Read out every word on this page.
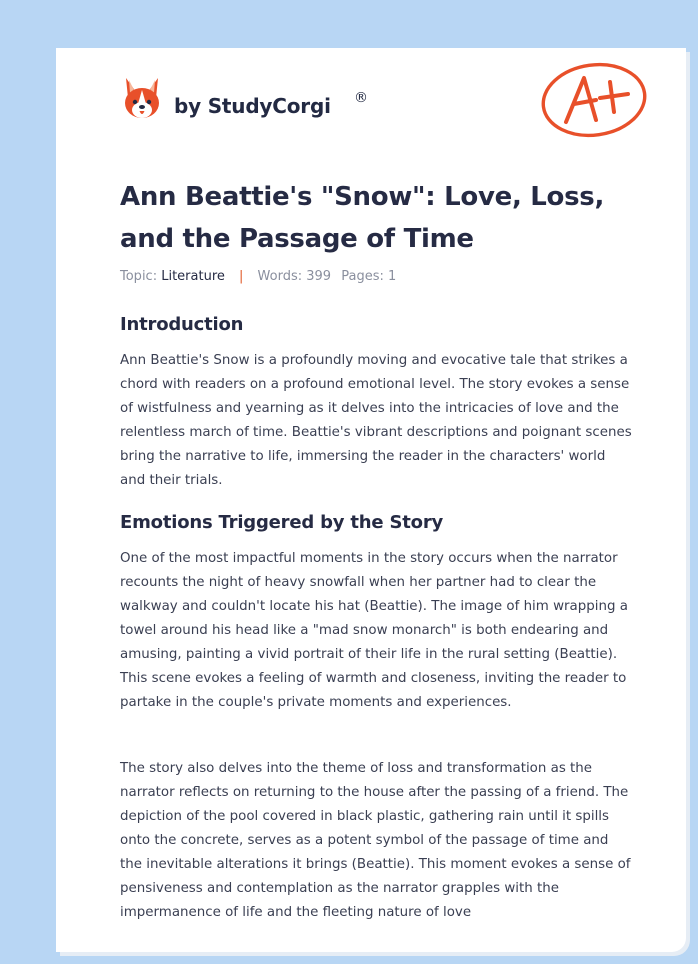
by StudyCorgi ®
Ann Beattie's "Snow": Love, Loss, and the Passage of Time
Topic: Literature | Words: 399 Pages: 1
Introduction

Ann Beattie's Snow is a profoundly moving and evocative tale that strikes a chord with readers on a profound emotional level. The story evokes a sense of wistfulness and yearning as it delves into the intricacies of love and the relentless march of time. Beattie's vibrant descriptions and poignant scenes bring the narrative to life, immersing the reader in the characters' world and their trials.

Emotions Triggered by the Story

One of the most impactful moments in the story occurs when the narrator recounts the night of heavy snowfall when her partner had to clear the walkway and couldn't locate his hat (Beattie). The image of him wrapping a towel around his head like a "mad snow monarch" is both endearing and amusing, painting a vivid portrait of their life in the rural setting (Beattie). This scene evokes a feeling of warmth and closeness, inviting the reader to partake in the couple's private moments and experiences.

The story also delves into the theme of loss and transformation as the narrator reflects on returning to the house after the passing of a friend. The depiction of the pool covered in black plastic, gathering rain until it spills onto the concrete, serves as a potent symbol of the passage of time and the inevitable alterations it brings (Beattie). This moment evokes a sense of pensiveness and contemplation as the narrator grapples with the impermanence of life and the fleeting nature of love
